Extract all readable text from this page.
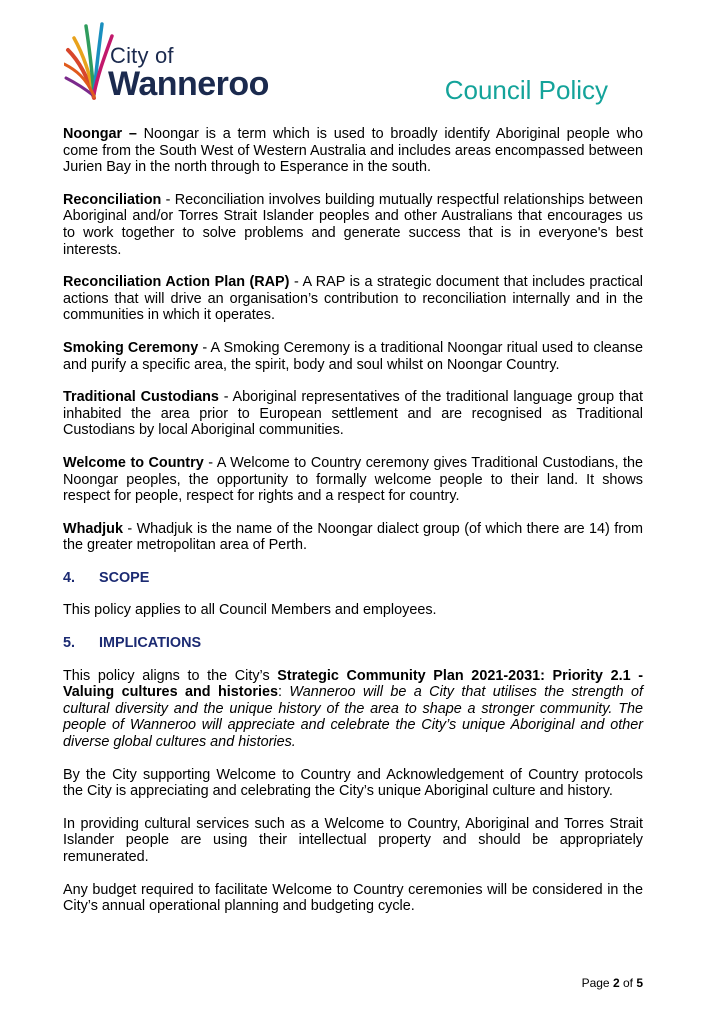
City of
Wanneroo	Council Policy

Noongar – Noongar is a term which is used to broadly identify Aboriginal people who come from the South West of Western Australia and includes areas encompassed between Jurien Bay in the north through to Esperance in the south.

Reconciliation - Reconciliation involves building mutually respectful relationships between Aboriginal and/or Torres Strait Islander peoples and other Australians that encourages us to work together to solve problems and generate success that is in everyone's best interests.

Reconciliation Action Plan (RAP) - A RAP is a strategic document that includes practical actions that will drive an organisation’s contribution to reconciliation internally and in the communities in which it operates.

Smoking Ceremony - A Smoking Ceremony is a traditional Noongar ritual used to cleanse and purify a specific area, the spirit, body and soul whilst on Noongar Country.

Traditional Custodians - Aboriginal representatives of the traditional language group that inhabited the area prior to European settlement and are recognised as Traditional Custodians by local Aboriginal communities.

Welcome to Country - A Welcome to Country ceremony gives Traditional Custodians, the Noongar peoples, the opportunity to formally welcome people to their land. It shows respect for people, respect for rights and a respect for country.

Whadjuk - Whadjuk is the name of the Noongar dialect group (of which there are 14) from the greater metropolitan area of Perth.

4. SCOPE

This policy applies to all Council Members and employees.

5. IMPLICATIONS

This policy aligns to the City’s Strategic Community Plan 2021-2031: Priority 2.1 - Valuing cultures and histories: Wanneroo will be a City that utilises the strength of cultural diversity and the unique history of the area to shape a stronger community. The people of Wanneroo will appreciate and celebrate the City’s unique Aboriginal and other diverse global cultures and histories.

By the City supporting Welcome to Country and Acknowledgement of Country protocols the City is appreciating and celebrating the City’s unique Aboriginal culture and history.

In providing cultural services such as a Welcome to Country, Aboriginal and Torres Strait Islander people are using their intellectual property and should be appropriately remunerated.

Any budget required to facilitate Welcome to Country ceremonies will be considered in the City’s annual operational planning and budgeting cycle.

Page 2 of 5
